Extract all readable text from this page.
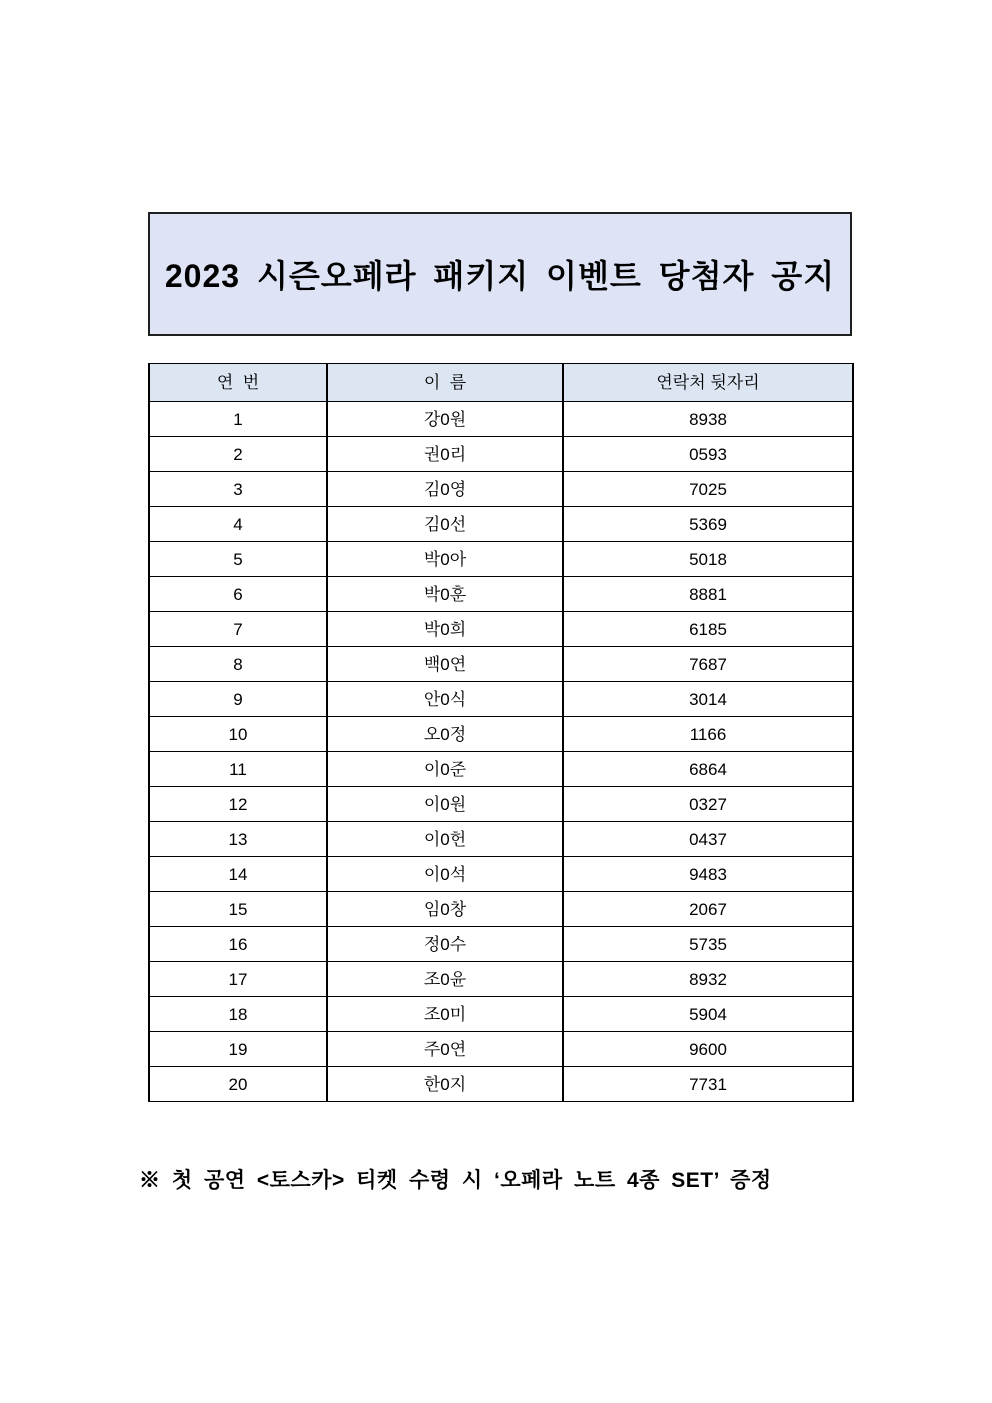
2023 시즌오페라 패키지 이벤트 당첨자 공지
연  번	이  름	연락처 뒷자리
1	강0원	8938
2	권0리	0593
3	김0영	7025
4	김0선	5369
5	박0아	5018
6	박0훈	8881
7	박0희	6185
8	백0연	7687
9	안0식	3014
10	오0정	1166
11	이0준	6864
12	이0원	0327
13	이0헌	0437
14	이0석	9483
15	임0창	2067
16	정0수	5735
17	조0윤	8932
18	조0미	5904
19	주0연	9600
20	한0지	7731
※ 첫 공연 <토스카> 티켓 수령 시 ‘오페라 노트 4종 SET’ 증정
